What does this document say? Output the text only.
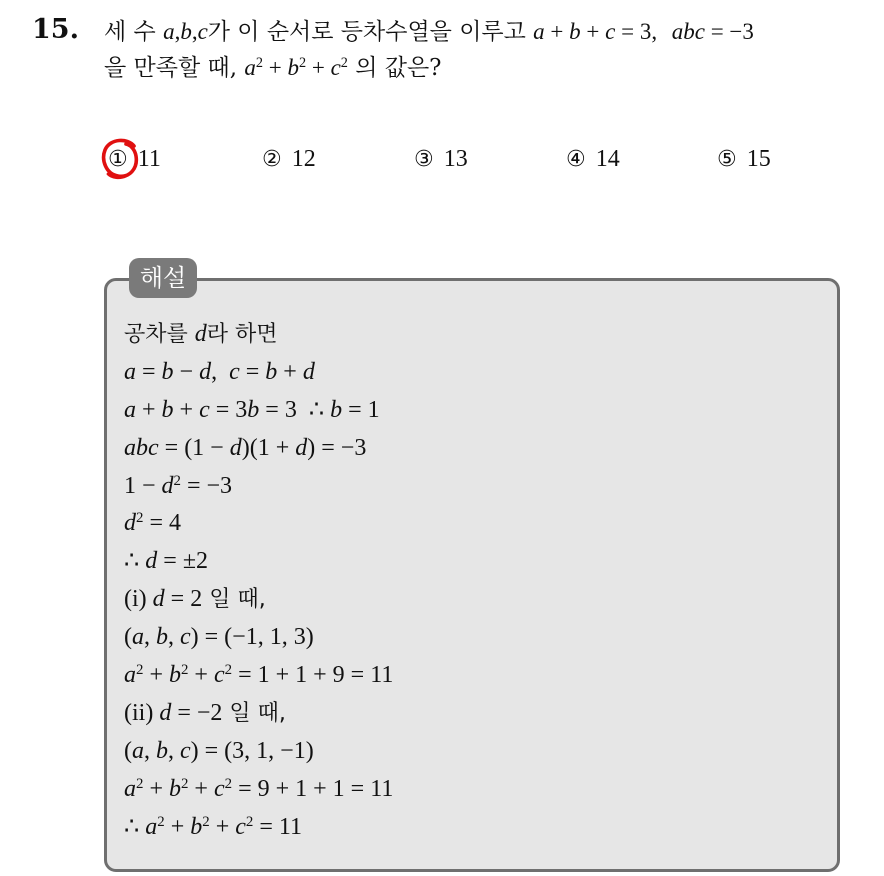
15. 세 수 a,b,c가 이 순서로 등차수열을 이루고 a + b + c = 3, abc = −3
을 만족할 때, $a^2 + b^2 + c^2$ 의 값은?
① 11	② 12	③ 13	④ 14	⑤ 15
해설
공차를 d라 하면
a = b − d,  c = b + d
a + b + c = 3b = 3  ∴ b = 1
abc = (1 − d)(1 + d) = −3
$1 - d^2 = -3$
$d^2 = 4$
∴ d = ±2
(i) d = 2 일 때,
(a, b, c) = (−1, 1, 3)
$a^2 + b^2 + c^2 = 1 + 1 + 9 = 11$
(ii) d = −2 일 때,
(a, b, c) = (3, 1, −1)
$a^2 + b^2 + c^2 = 9 + 1 + 1 = 11$
∴ $a^2 + b^2 + c^2 = 11$
